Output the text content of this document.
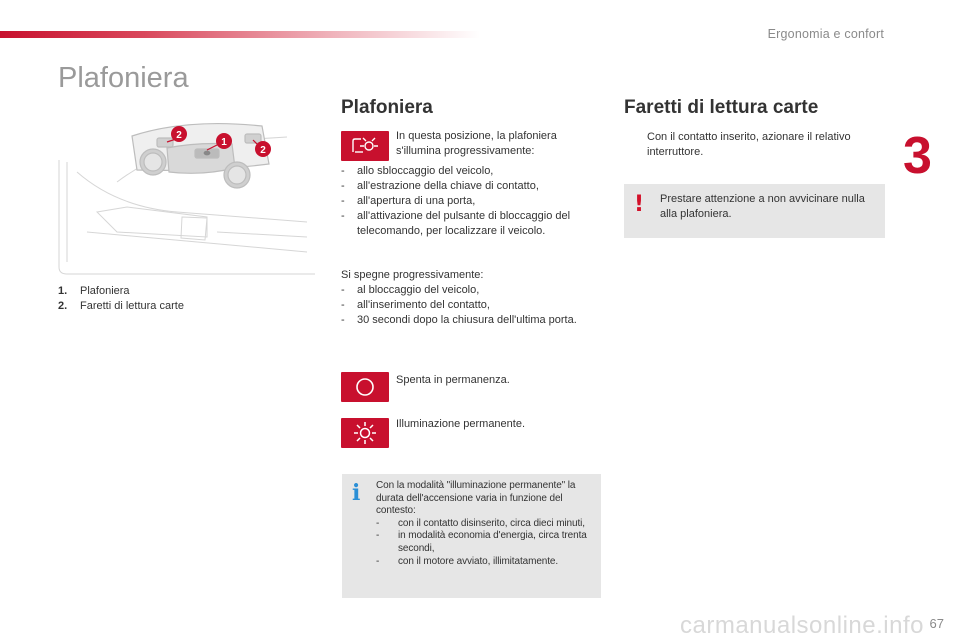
Ergonomia e confort
3
Plafoniera
2
1
2
1. Plafoniera
2. Faretti di lettura carte
Plafoniera
In questa posizione, la plafoniera s'illumina progressivamente:
- allo sbloccaggio del veicolo,
- all'estrazione della chiave di contatto,
- all'apertura di una porta,
- all'attivazione del pulsante di bloccaggio del telecomando, per localizzare il veicolo.
Si spegne progressivamente:
- al bloccaggio del veicolo,
- all'inserimento del contatto,
- 30 secondi dopo la chiusura dell'ultima porta.
Spenta in permanenza.
Illuminazione permanente.
i Con la modalità "illuminazione permanente" la durata dell'accensione varia in funzione del contesto:
- con il contatto disinserito, circa dieci minuti,
- in modalità economia d'energia, circa trenta secondi,
- con il motore avviato, illimitatamente.
Faretti di lettura carte
Con il contatto inserito, azionare il relativo interruttore.
! Prestare attenzione a non avvicinare nulla alla plafoniera.
carmanualsonline.info 67
